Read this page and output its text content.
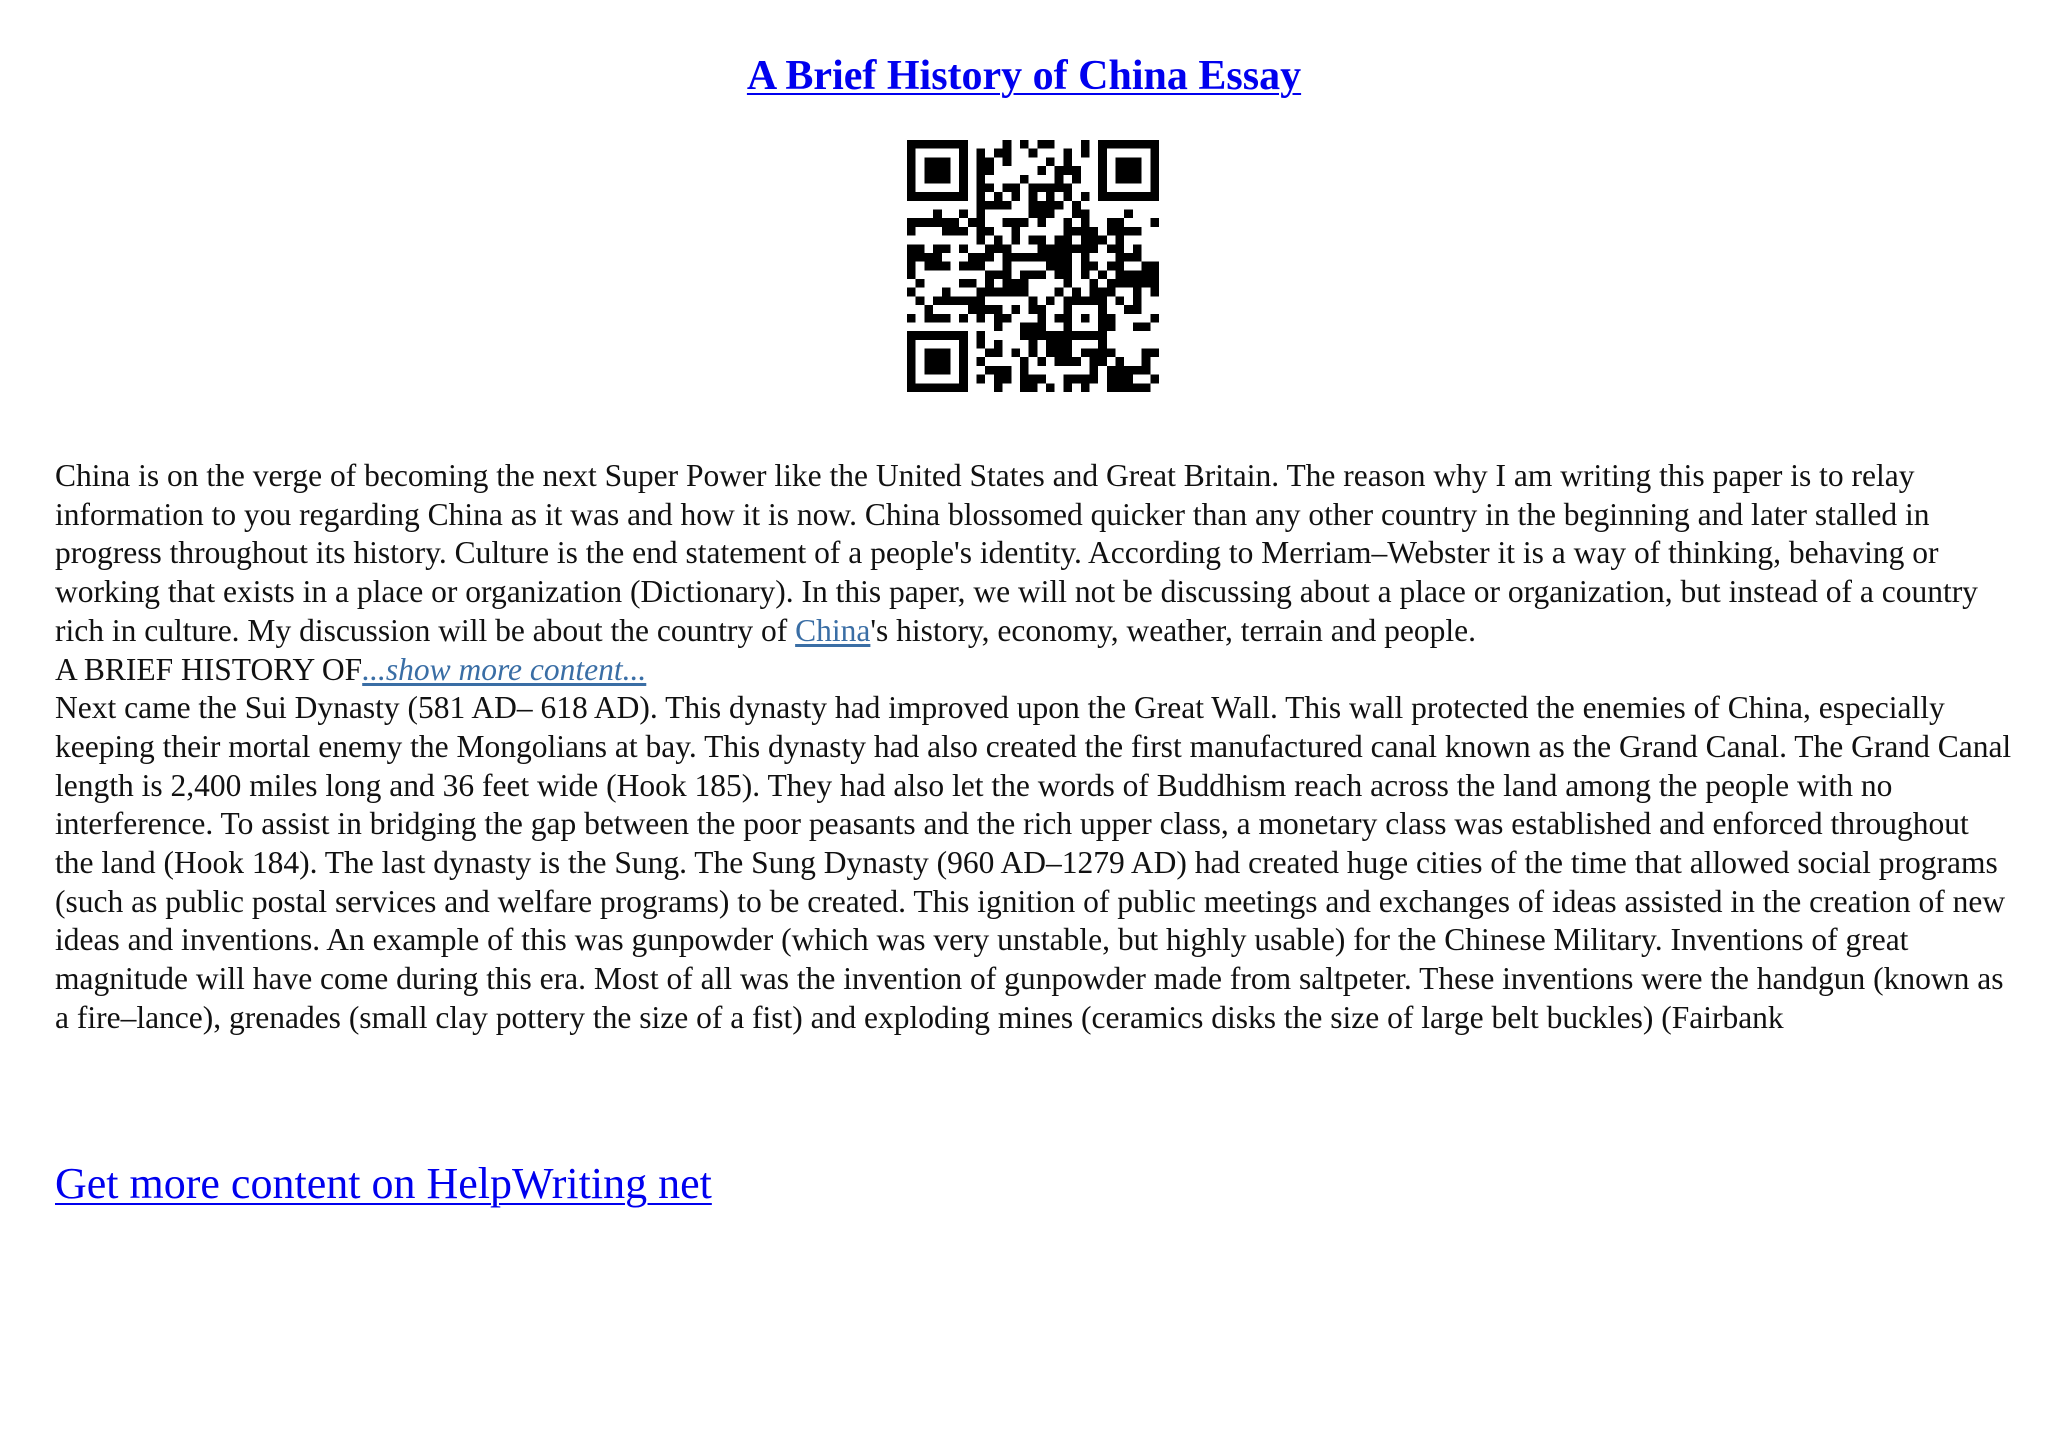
A Brief History of China Essay

China is on the verge of becoming the next Super Power like the United States and Great Britain. The reason why I am writing this paper is to relay information to you regarding China as it was and how it is now. China blossomed quicker than any other country in the beginning and later stalled in progress throughout its history. Culture is the end statement of a people's identity. According to Merriam–Webster it is a way of thinking, behaving or working that exists in a place or organization (Dictionary). In this paper, we will not be discussing about a place or organization, but instead of a country rich in culture. My discussion will be about the country of China's history, economy, weather, terrain and people.

A BRIEF HISTORY OF...show more content...

Next came the Sui Dynasty (581 AD– 618 AD). This dynasty had improved upon the Great Wall. This wall protected the enemies of China, especially keeping their mortal enemy the Mongolians at bay. This dynasty had also created the first manufactured canal known as the Grand Canal. The Grand Canal length is 2,400 miles long and 36 feet wide (Hook 185). They had also let the words of Buddhism reach across the land among the people with no interference. To assist in bridging the gap between the poor peasants and the rich upper class, a monetary class was established and enforced throughout the land (Hook 184). The last dynasty is the Sung. The Sung Dynasty (960 AD–1279 AD) had created huge cities of the time that allowed social programs (such as public postal services and welfare programs) to be created. This ignition of public meetings and exchanges of ideas assisted in the creation of new ideas and inventions. An example of this was gunpowder (which was very unstable, but highly usable) for the Chinese Military. Inventions of great magnitude will have come during this era. Most of all was the invention of gunpowder made from saltpeter. These inventions were the handgun (known as a fire–lance), grenades (small clay pottery the size of a fist) and exploding mines (ceramics disks the size of large belt buckles) (Fairbank

Get more content on HelpWriting net
